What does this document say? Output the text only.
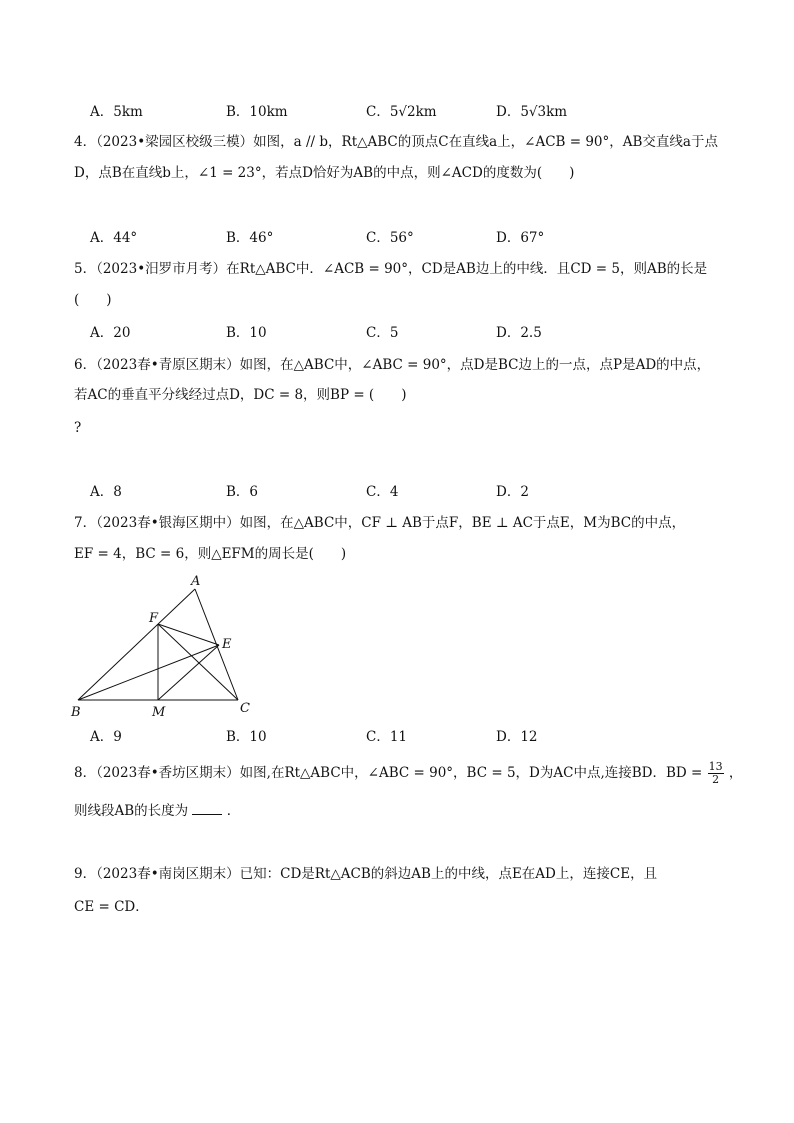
A．5km	B．10km	C．5√2km	D．5√3km
4．（2023•梁园区校级三模）如图，a // b，Rt△ABC的顶点C在直线a上，∠ACB = 90°，AB交直线a于点
D，点B在直线b上，∠1 = 23°，若点D恰好为AB的中点，则∠ACD的度数为(　　)
A．44°	B．46°	C．56°	D．67°
5．（2023•汨罗市月考）在Rt△ABC中．∠ACB = 90°，CD是AB边上的中线．且CD = 5，则AB的长是
(　　)
A．20	B．10	C．5	D．2.5
6．（2023春•青原区期末）如图，在△ABC中，∠ABC = 90°，点D是BC边上的一点，点P是AD的中点，
若AC的垂直平分线经过点D，DC = 8，则BP = (　　)
?
A．8	B．6	C．4	D．2
7．（2023春•银海区期中）如图，在△ABC中，CF ⊥ AB于点F，BE ⊥ AC于点E，M为BC的中点，
EF = 4，BC = 6，则△EFM的周长是(　　)
A
F
E
B	M	C
A．9	B．10	C．11	D．12
8．（2023春•香坊区期末）如图,在Rt△ABC中，∠ABC = 90°，BC = 5，D为AC中点,连接BD．BD = $\frac{13}{2}$ ，
则线段AB的长度为	．
9．（2023春•南岗区期末）已知：CD是Rt△ACB的斜边AB上的中线，点E在AD上，连接CE，且
CE = CD．
